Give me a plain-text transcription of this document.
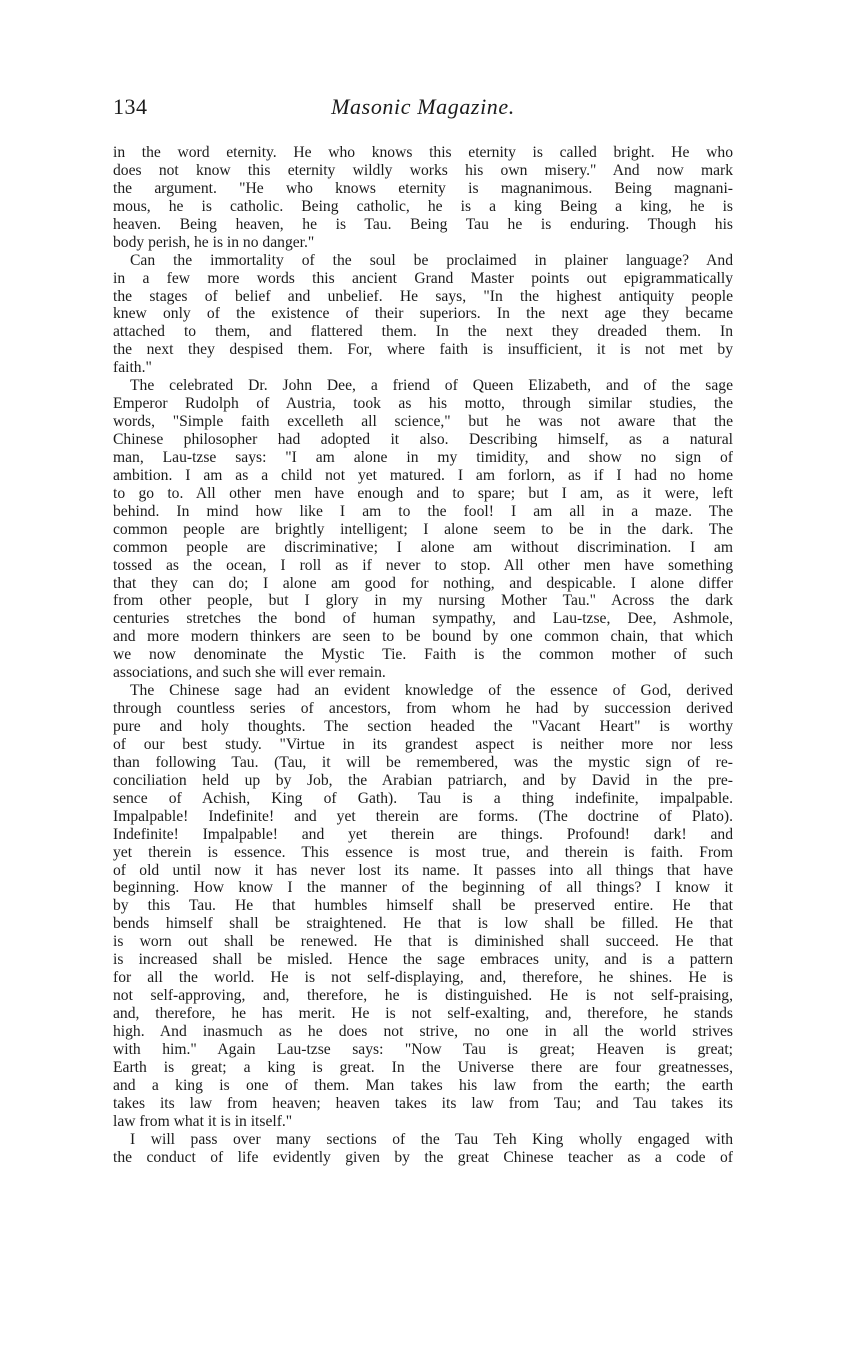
134	Masonic Magazine.
in the word eternity. He who knows this eternity is called bright. He who
does not know this eternity wildly works his own misery." And now mark
the argument. "He who knows eternity is magnanimous. Being magnani-
mous, he is catholic. Being catholic, he is a king Being a king, he is
heaven. Being heaven, he is Tau. Being Tau he is enduring. Though his
body perish, he is in no danger."
Can the immortality of the soul be proclaimed in plainer language? And
in a few more words this ancient Grand Master points out epigrammatically
the stages of belief and unbelief. He says, "In the highest antiquity people
knew only of the existence of their superiors. In the next age they became
attached to them, and flattered them. In the next they dreaded them. In
the next they despised them. For, where faith is insufficient, it is not met by
faith."
The celebrated Dr. John Dee, a friend of Queen Elizabeth, and of the sage
Emperor Rudolph of Austria, took as his motto, through similar studies, the
words, "Simple faith excelleth all science," but he was not aware that the
Chinese philosopher had adopted it also. Describing himself, as a natural
man, Lau-tzse says: "I am alone in my timidity, and show no sign of
ambition. I am as a child not yet matured. I am forlorn, as if I had no home
to go to. All other men have enough and to spare; but I am, as it were, left
behind. In mind how like I am to the fool! I am all in a maze. The
common people are brightly intelligent; I alone seem to be in the dark. The
common people are discriminative; I alone am without discrimination. I am
tossed as the ocean, I roll as if never to stop. All other men have something
that they can do; I alone am good for nothing, and despicable. I alone differ
from other people, but I glory in my nursing Mother Tau." Across the dark
centuries stretches the bond of human sympathy, and Lau-tzse, Dee, Ashmole,
and more modern thinkers are seen to be bound by one common chain, that which
we now denominate the Mystic Tie. Faith is the common mother of such
associations, and such she will ever remain.
The Chinese sage had an evident knowledge of the essence of God, derived
through countless series of ancestors, from whom he had by succession derived
pure and holy thoughts. The section headed the "Vacant Heart" is worthy
of our best study. "Virtue in its grandest aspect is neither more nor less
than following Tau. (Tau, it will be remembered, was the mystic sign of re-
conciliation held up by Job, the Arabian patriarch, and by David in the pre-
sence of Achish, King of Gath). Tau is a thing indefinite, impalpable.
Impalpable! Indefinite! and yet therein are forms. (The doctrine of Plato).
Indefinite! Impalpable! and yet therein are things. Profound! dark! and
yet therein is essence. This essence is most true, and therein is faith. From
of old until now it has never lost its name. It passes into all things that have
beginning. How know I the manner of the beginning of all things? I know it
by this Tau. He that humbles himself shall be preserved entire. He that
bends himself shall be straightened. He that is low shall be filled. He that
is worn out shall be renewed. He that is diminished shall succeed. He that
is increased shall be misled. Hence the sage embraces unity, and is a pattern
for all the world. He is not self-displaying, and, therefore, he shines. He is
not self-approving, and, therefore, he is distinguished. He is not self-praising,
and, therefore, he has merit. He is not self-exalting, and, therefore, he stands
high. And inasmuch as he does not strive, no one in all the world strives
with him." Again Lau-tzse says: "Now Tau is great; Heaven is great;
Earth is great; a king is great. In the Universe there are four greatnesses,
and a king is one of them. Man takes his law from the earth; the earth
takes its law from heaven; heaven takes its law from Tau; and Tau takes its
law from what it is in itself."
I will pass over many sections of the Tau Teh King wholly engaged with
the conduct of life evidently given by the great Chinese teacher as a code of
